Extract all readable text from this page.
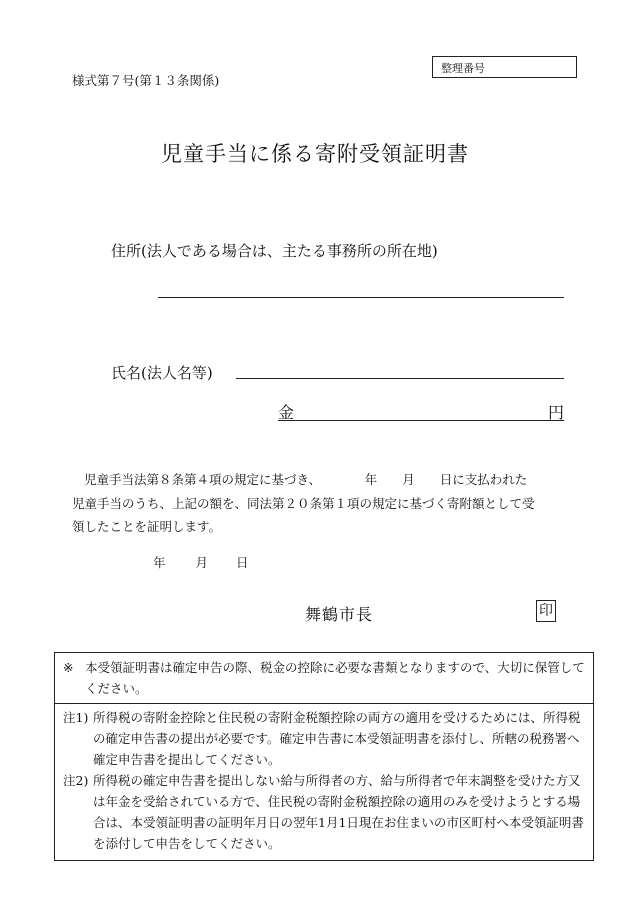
様式第７号(第１３条関係)
整理番号
児童手当に係る寄附受領証明書
住所(法人である場合は、主たる事務所の所在地)
氏名(法人名等)
金	円

児童手当法第８条第４項の規定に基づき、　　　　年　　月　　日に支払われた

児童手当のうち、上記の額を、同法第２０条第１項の規定に基づく寄附額として受

領したことを証明します。

年 月 日
舞鶴市長	印
※ 本受領証明書は確定申告の際、税金の控除に必要な書類となりますので、大切に保管してください。
注1) 所得税の寄附金控除と住民税の寄附金税額控除の両方の適用を受けるためには、所得税の確定申告書の提出が必要です。確定申告書に本受領証明書を添付し、所轄の税務署へ確定申告書を提出してください。
注2) 所得税の確定申告書を提出しない給与所得者の方、給与所得者で年末調整を受けた方又は年金を受給されている方で、住民税の寄附金税額控除の適用のみを受けようとする場合は、本受領証明書の証明年月日の翌年1月1日現在お住まいの市区町村へ本受領証明書を添付して申告をしてください。
